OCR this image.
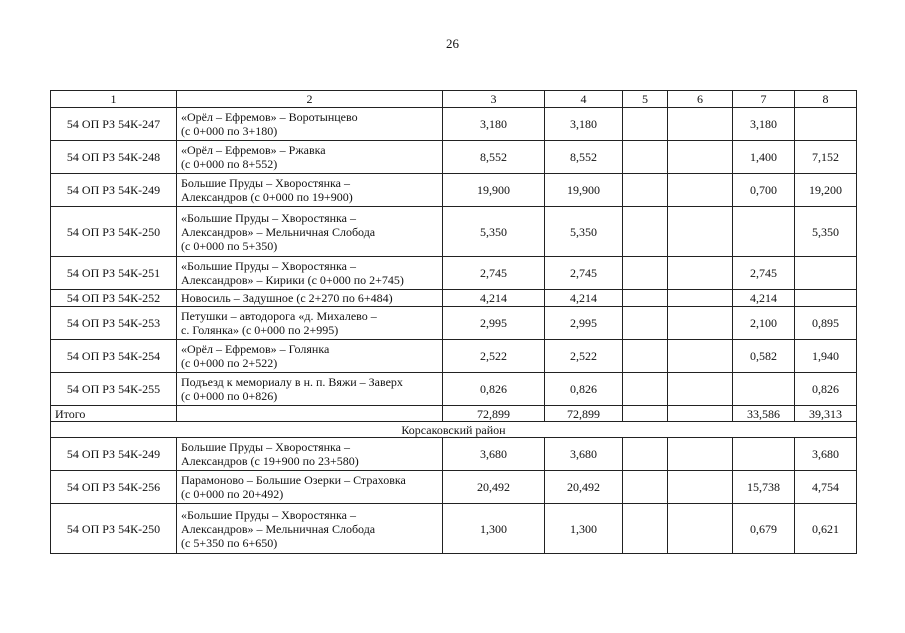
26
1	2	3	4	5	6	7	8
54 ОП РЗ 54К-247	«Орёл – Ефремов» – Воротынцево
(с 0+000 по 3+180)	3,180	3,180			3,180	
54 ОП РЗ 54К-248	«Орёл – Ефремов» – Ржавка
(с 0+000 по 8+552)	8,552	8,552			1,400	7,152
54 ОП РЗ 54К-249	Большие Пруды – Хворостянка –
Александров (с 0+000 по 19+900)	19,900	19,900			0,700	19,200
54 ОП РЗ 54К-250	«Большие Пруды – Хворостянка –
Александров» – Мельничная Слобода
(с 0+000 по 5+350)	5,350	5,350				5,350
54 ОП РЗ 54К-251	«Большие Пруды – Хворостянка –
Александров» – Кирики (с 0+000 по 2+745)	2,745	2,745			2,745	
54 ОП РЗ 54К-252	Новосиль – Задушное (с 2+270 по 6+484)	4,214	4,214			4,214	
54 ОП РЗ 54К-253	Петушки – автодорога «д. Михалево –
с. Голянка» (с 0+000 по 2+995)	2,995	2,995			2,100	0,895
54 ОП РЗ 54К-254	«Орёл – Ефремов» – Голянка
(с 0+000 по 2+522)	2,522	2,522			0,582	1,940
54 ОП РЗ 54К-255	Подъезд к мемориалу в н. п. Вяжи – Заверх
(с 0+000 по 0+826)	0,826	0,826				0,826
Итого		72,899	72,899			33,586	39,313
Корсаковский район							
54 ОП РЗ 54К-249	Большие Пруды – Хворостянка –
Александров (с 19+900 по 23+580)	3,680	3,680				3,680
54 ОП РЗ 54К-256	Парамоново – Большие Озерки – Страховка
(с 0+000 по 20+492)	20,492	20,492			15,738	4,754
54 ОП РЗ 54К-250	«Большие Пруды – Хворостянка –
Александров» – Мельничная Слобода
(с 5+350 по 6+650)	1,300	1,300			0,679	0,621
